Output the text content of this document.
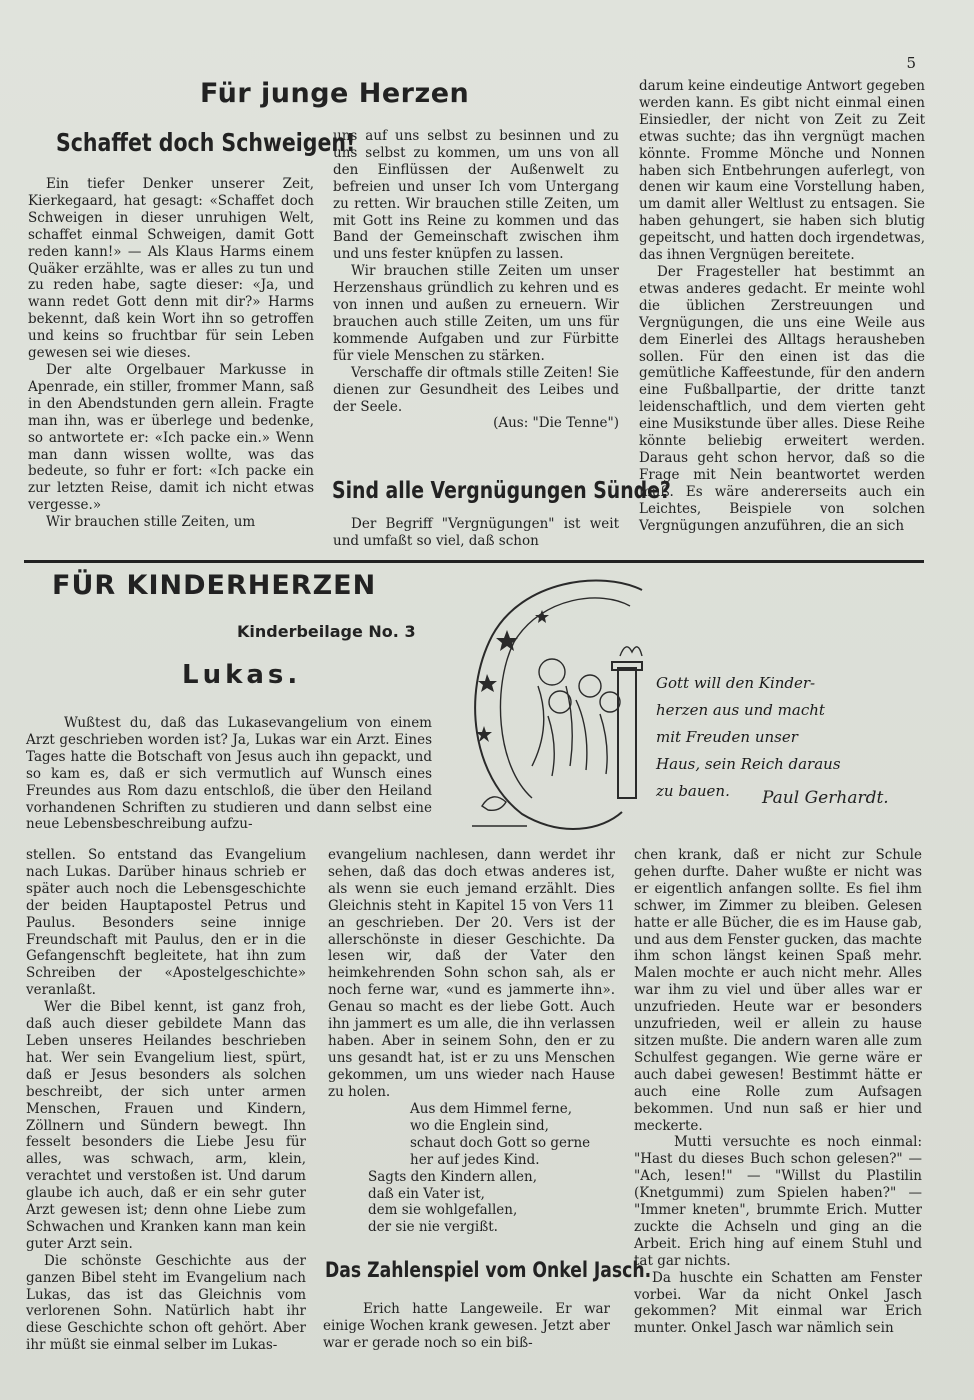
5
Für junge Herzen
Schaffet doch Schweigen!

Ein tiefer Denker unserer Zeit, Kierkegaard, hat gesagt: «Schaffet doch Schweigen in dieser unruhigen Welt, schaffet einmal Schweigen, damit Gott reden kann!» — Als Klaus Harms einem Quäker erzählte, was er alles zu tun und zu reden habe, sagte dieser: «Ja, und wann redet Gott denn mit dir?» Harms bekennt, daß kein Wort ihn so getroffen und keins so fruchtbar für sein Leben gewesen sei wie dieses.

Der alte Orgelbauer Markusse in Apenrade, ein stiller, frommer Mann, saß in den Abendstunden gern allein. Fragte man ihn, was er überlege und bedenke, so antwortete er: «Ich packe ein.» Wenn man dann wissen wollte, was das bedeute, so fuhr er fort: «Ich packe ein zur letzten Reise, damit ich nicht etwas vergesse.»

Wir brauchen stille Zeiten, um

uns auf uns selbst zu besinnen und zu uns selbst zu kommen, um uns von all den Einflüssen der Außenwelt zu befreien und unser Ich vom Untergang zu retten. Wir brauchen stille Zeiten, um mit Gott ins Reine zu kommen und das Band der Gemeinschaft zwischen ihm und uns fester knüpfen zu lassen.

Wir brauchen stille Zeiten um unser Herzenshaus gründlich zu kehren und es von innen und außen zu erneuern. Wir brauchen auch stille Zeiten, um uns für kommende Aufgaben und zur Fürbitte für viele Menschen zu stärken.

Verschaffe dir oftmals stille Zeiten! Sie dienen zur Gesundheit des Leibes und der Seele.

(Aus: "Die Tenne")

Sind alle Vergnügungen Sünde?
Der Begriff "Vergnügungen" ist weit und umfaßt so viel, daß schon

darum keine eindeutige Antwort gegeben werden kann. Es gibt nicht einmal einen Einsiedler, der nicht von Zeit zu Zeit etwas suchte; das ihn vergnügt machen könnte. Fromme Mönche und Nonnen haben sich Entbehrungen auferlegt, von denen wir kaum eine Vorstellung haben, um damit aller Weltlust zu entsagen. Sie haben gehungert, sie haben sich blutig gepeitscht, und hatten doch irgendetwas, das ihnen Vergnügen bereitete.

Der Fragesteller hat bestimmt an etwas anderes gedacht. Er meinte wohl die üblichen Zerstreuungen und Vergnügungen, die uns eine Weile aus dem Einerlei des Alltags herausheben sollen. Für den einen ist das die gemütliche Kaffeestunde, für den andern eine Fußballpartie, der dritte tanzt leidenschaftlich, und dem vierten geht eine Musikstunde über alles. Diese Reihe könnte beliebig erweitert werden. Daraus geht schon hervor, daß so die Frage mit Nein beantwortet werden muß. Es wäre andererseits auch ein Leichtes, Beispiele von solchen Vergnügungen anzuführen, die an sich

FÜR KINDERHERZEN
Kinderbeilage No. 3
Lukas.
Wußtest du, daß das Lukasevangelium von einem Arzt geschrieben worden ist? Ja, Lukas war ein Arzt. Eines Tages hatte die Botschaft von Jesus auch ihn gepackt, und so kam es, daß er sich vermutlich auf Wunsch eines Freundes aus Rom dazu entschloß, die über den Heiland vorhandenen Schriften zu studieren und dann selbst eine neue Lebensbeschreibung aufzu-
Gott will den Kinder-
herzen aus und macht
mit Freuden unser
Haus, sein Reich daraus
zu bauen.	Paul Gerhardt.

stellen. So entstand das Evangelium nach Lukas. Darüber hinaus schrieb er später auch noch die Lebensgeschichte der beiden Hauptapostel Petrus und Paulus. Besonders seine innige Freundschaft mit Paulus, den er in die Gefangenschft begleitete, hat ihn zum Schreiben der «Apostelgeschichte» veranlaßt.

Wer die Bibel kennt, ist ganz froh, daß auch dieser gebildete Mann das Leben unseres Heilandes beschrieben hat. Wer sein Evangelium liest, spürt, daß er Jesus besonders als solchen beschreibt, der sich unter armen Menschen, Frauen und Kindern, Zöllnern und Sündern bewegt. Ihn fesselt besonders die Liebe Jesu für alles, was schwach, arm, klein, verachtet und verstoßen ist. Und darum glaube ich auch, daß er ein sehr guter Arzt gewesen ist; denn ohne Liebe zum Schwachen und Kranken kann man kein guter Arzt sein.

Die schönste Geschichte aus der ganzen Bibel steht im Evangelium nach Lukas, das ist das Gleichnis vom verlorenen Sohn. Natürlich habt ihr diese Geschichte schon oft gehört. Aber ihr müßt sie einmal selber im Lukas-

evangelium nachlesen, dann werdet ihr sehen, daß das doch etwas anderes ist, als wenn sie euch jemand erzählt. Dies Gleichnis steht in Kapitel 15 von Vers 11 an geschrieben. Der 20. Vers ist der allerschönste in dieser Geschichte. Da lesen wir, daß der Vater den heimkehrenden Sohn schon sah, als er noch ferne war, «und es jammerte ihn». Genau so macht es der liebe Gott. Auch ihn jammert es um alle, die ihn verlassen haben. Aber in seinem Sohn, den er zu uns gesandt hat, ist er zu uns Menschen gekommen, um uns wieder nach Hause zu holen.
Aus dem Himmel ferne,
wo die Englein sind,
schaut doch Gott so gerne
her auf jedes Kind.
Sagts den Kindern allen,
daß ein Vater ist,
dem sie wohlgefallen,
der sie nie vergißt.
Das Zahlenspiel vom Onkel Jasch.
Erich hatte Langeweile. Er war einige Wochen krank gewesen. Jetzt aber war er gerade noch so ein biß-

chen krank, daß er nicht zur Schule gehen durfte. Daher wußte er nicht was er eigentlich anfangen sollte. Es fiel ihm schwer, im Zimmer zu bleiben. Gelesen hatte er alle Bücher, die es im Hause gab, und aus dem Fenster gucken, das machte ihm schon längst keinen Spaß mehr. Malen mochte er auch nicht mehr. Alles war ihm zu viel und über alles war er unzufrieden. Heute war er besonders unzufrieden, weil er allein zu hause sitzen mußte. Die andern waren alle zum Schulfest gegangen. Wie gerne wäre er auch dabei gewesen! Bestimmt hätte er auch eine Rolle zum Aufsagen bekommen. Und nun saß er hier und meckerte.

Mutti versuchte es noch einmal: "Hast du dieses Buch schon gelesen?" — "Ach, lesen!" — "Willst du Plastilin (Knetgummi) zum Spielen haben?" — "Immer kneten", brummte Erich. Mutter zuckte die Achseln und ging an die Arbeit. Erich hing auf einem Stuhl und tat gar nichts.

Da huschte ein Schatten am Fenster vorbei. War da nicht Onkel Jasch gekommen? Mit einmal war Erich munter. Onkel Jasch war nämlich sein
